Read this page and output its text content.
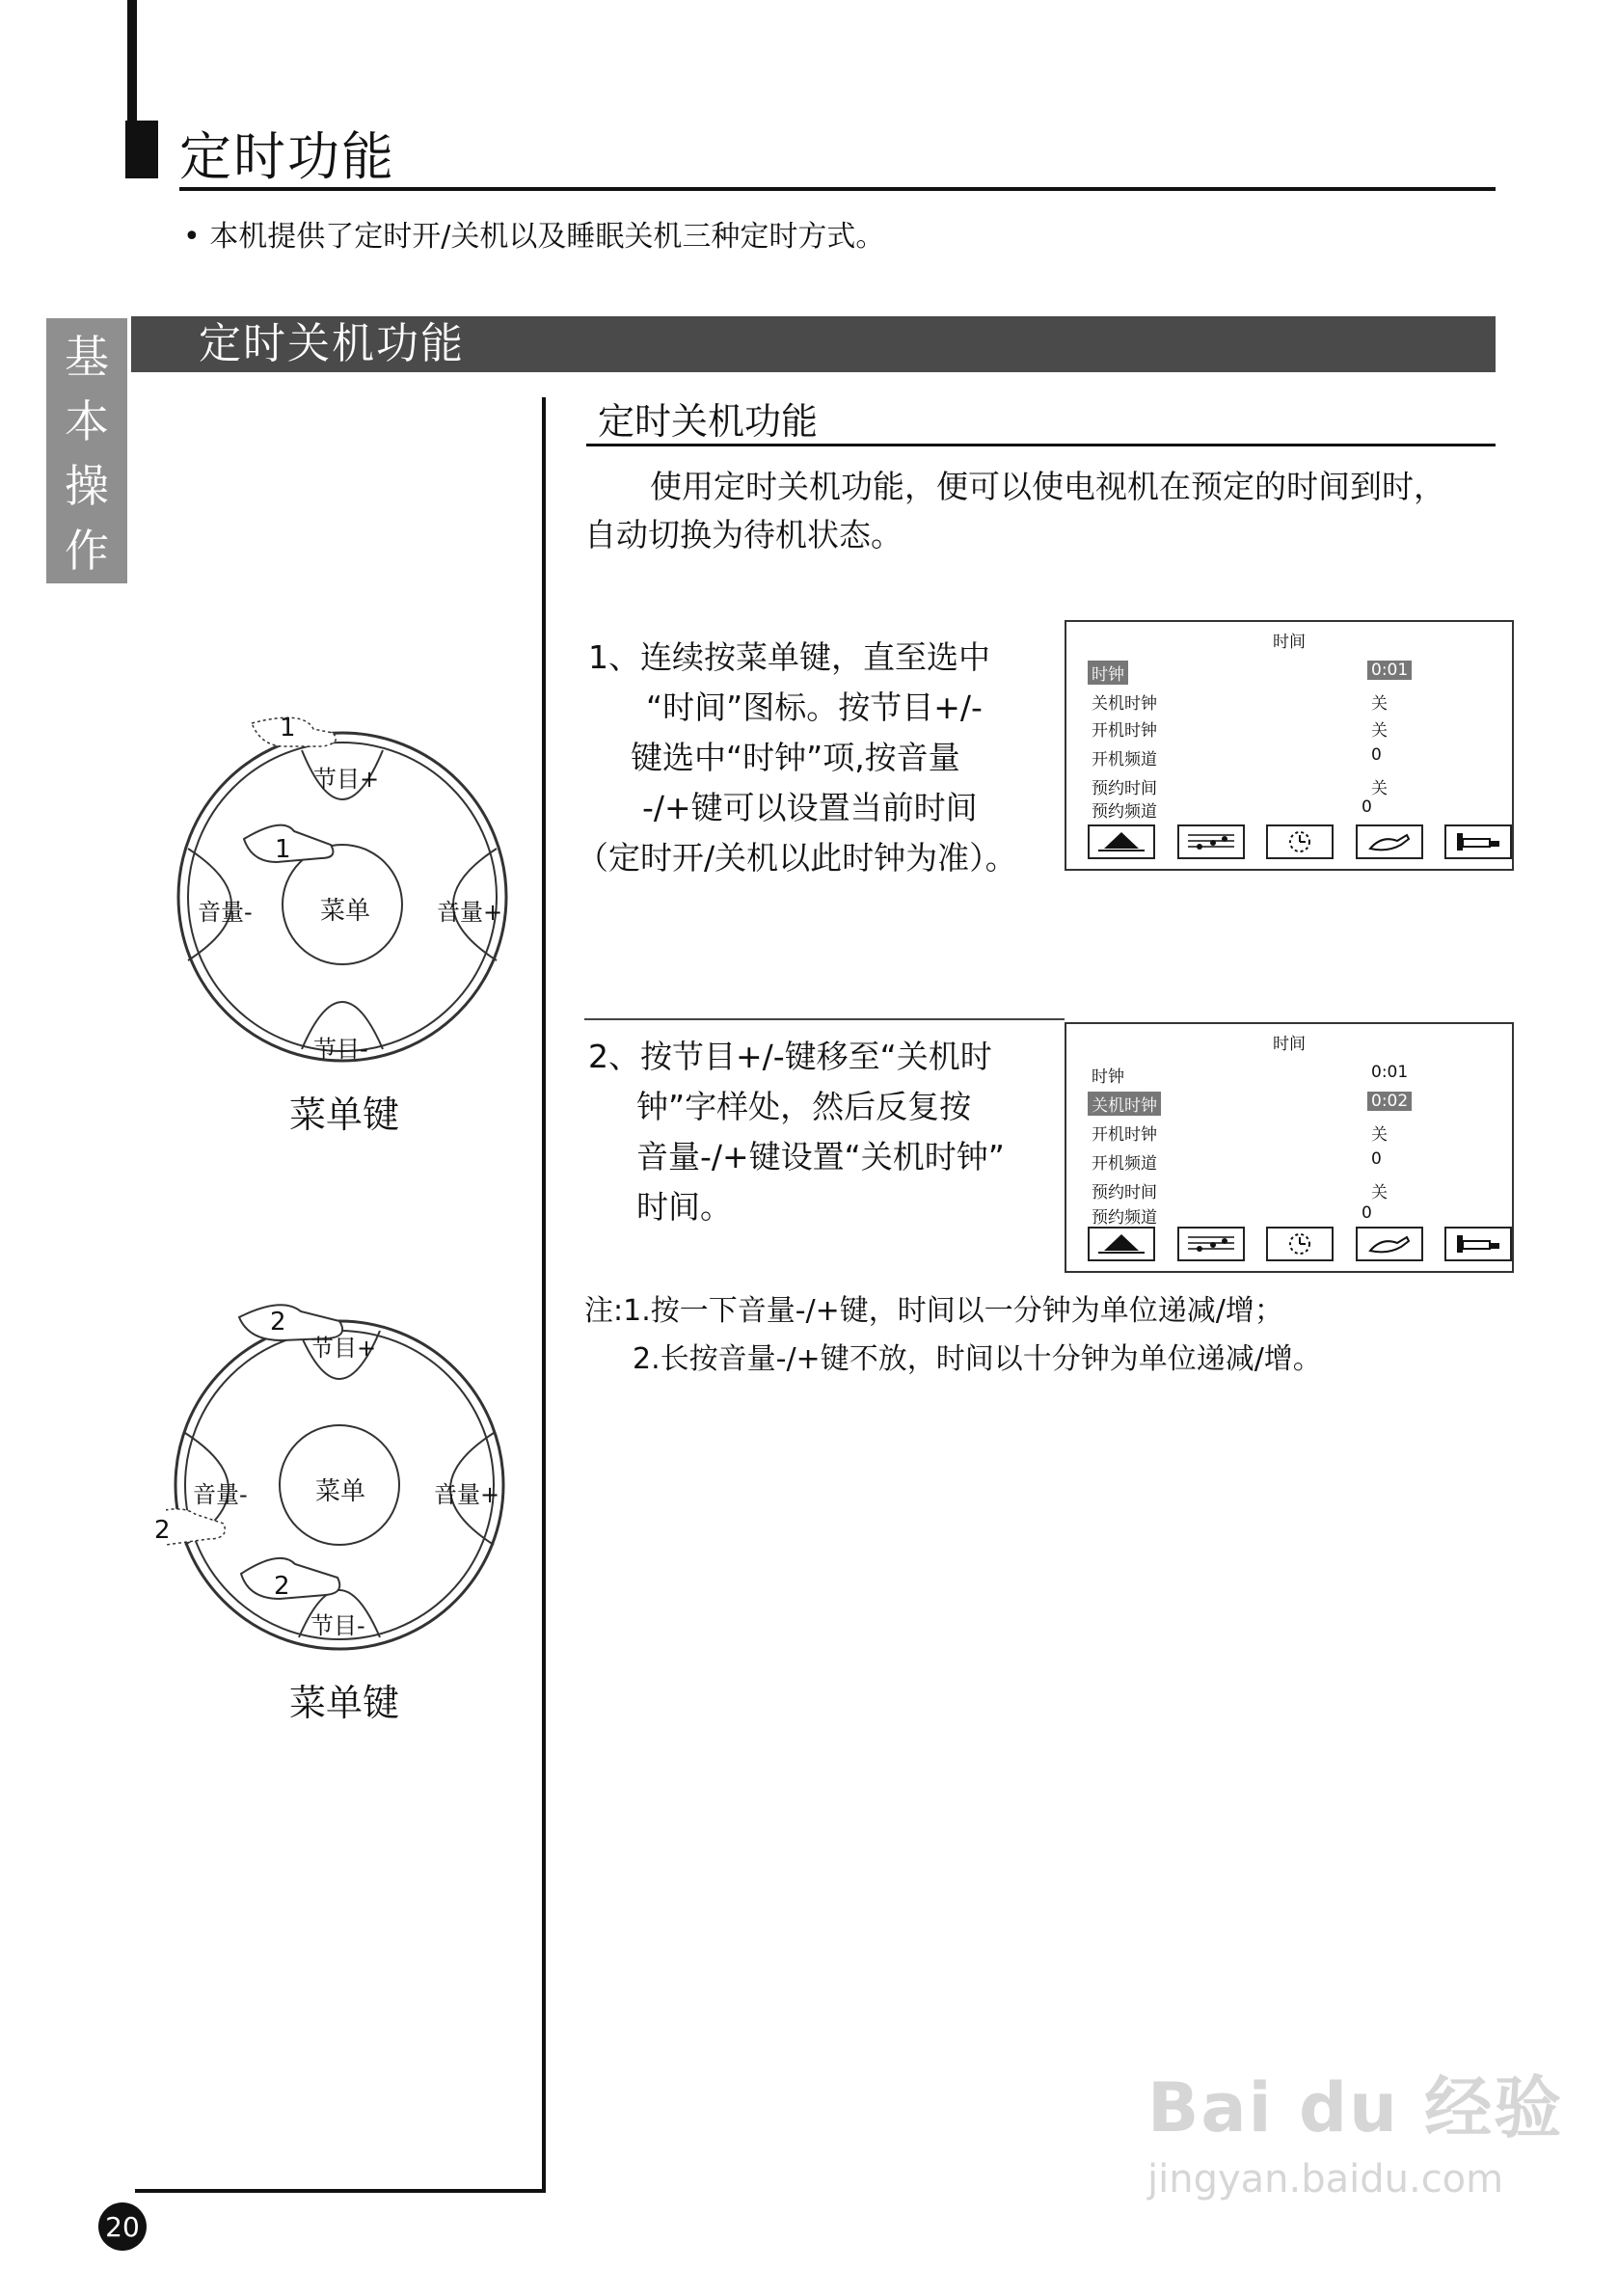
定时功能
• 本机提供了定时开/关机以及睡眠关机三种定时方式。
基
本
操
作
定时关机功能
20
定时关机功能
使用定时关机功能，便可以使电视机在预定的时间到时，
自动切换为待机状态。
1、连续按菜单键，直至选中
“时间”图标。按节目+/-
键选中“时钟”项,按音量
-/+键可以设置当前时间
（定时开/关机以此时钟为准）。
时间
时钟	0:01
关机时钟	关
开机时钟	关
开机频道	0
预约时间	关
预约频道	0
2、按节目+/-键移至“关机时
钟”字样处，然后反复按
音量-/+键设置“关机时钟”
时间。
时间
时钟	0:01
关机时钟	0:02
开机时钟	关
开机频道	0
预约时间	关
预约频道	0
注:1.按一下音量-/+键，时间以一分钟为单位递减/增；
2.长按音量-/+键不放，时间以十分钟为单位递减/增。
节目+
节目-
音量-	音量+
菜单
1
1
菜单键
节目+
节目-
音量-	音量+
菜单
2
2
2
菜单键
Bai du 经验
jingyan.baidu.com
